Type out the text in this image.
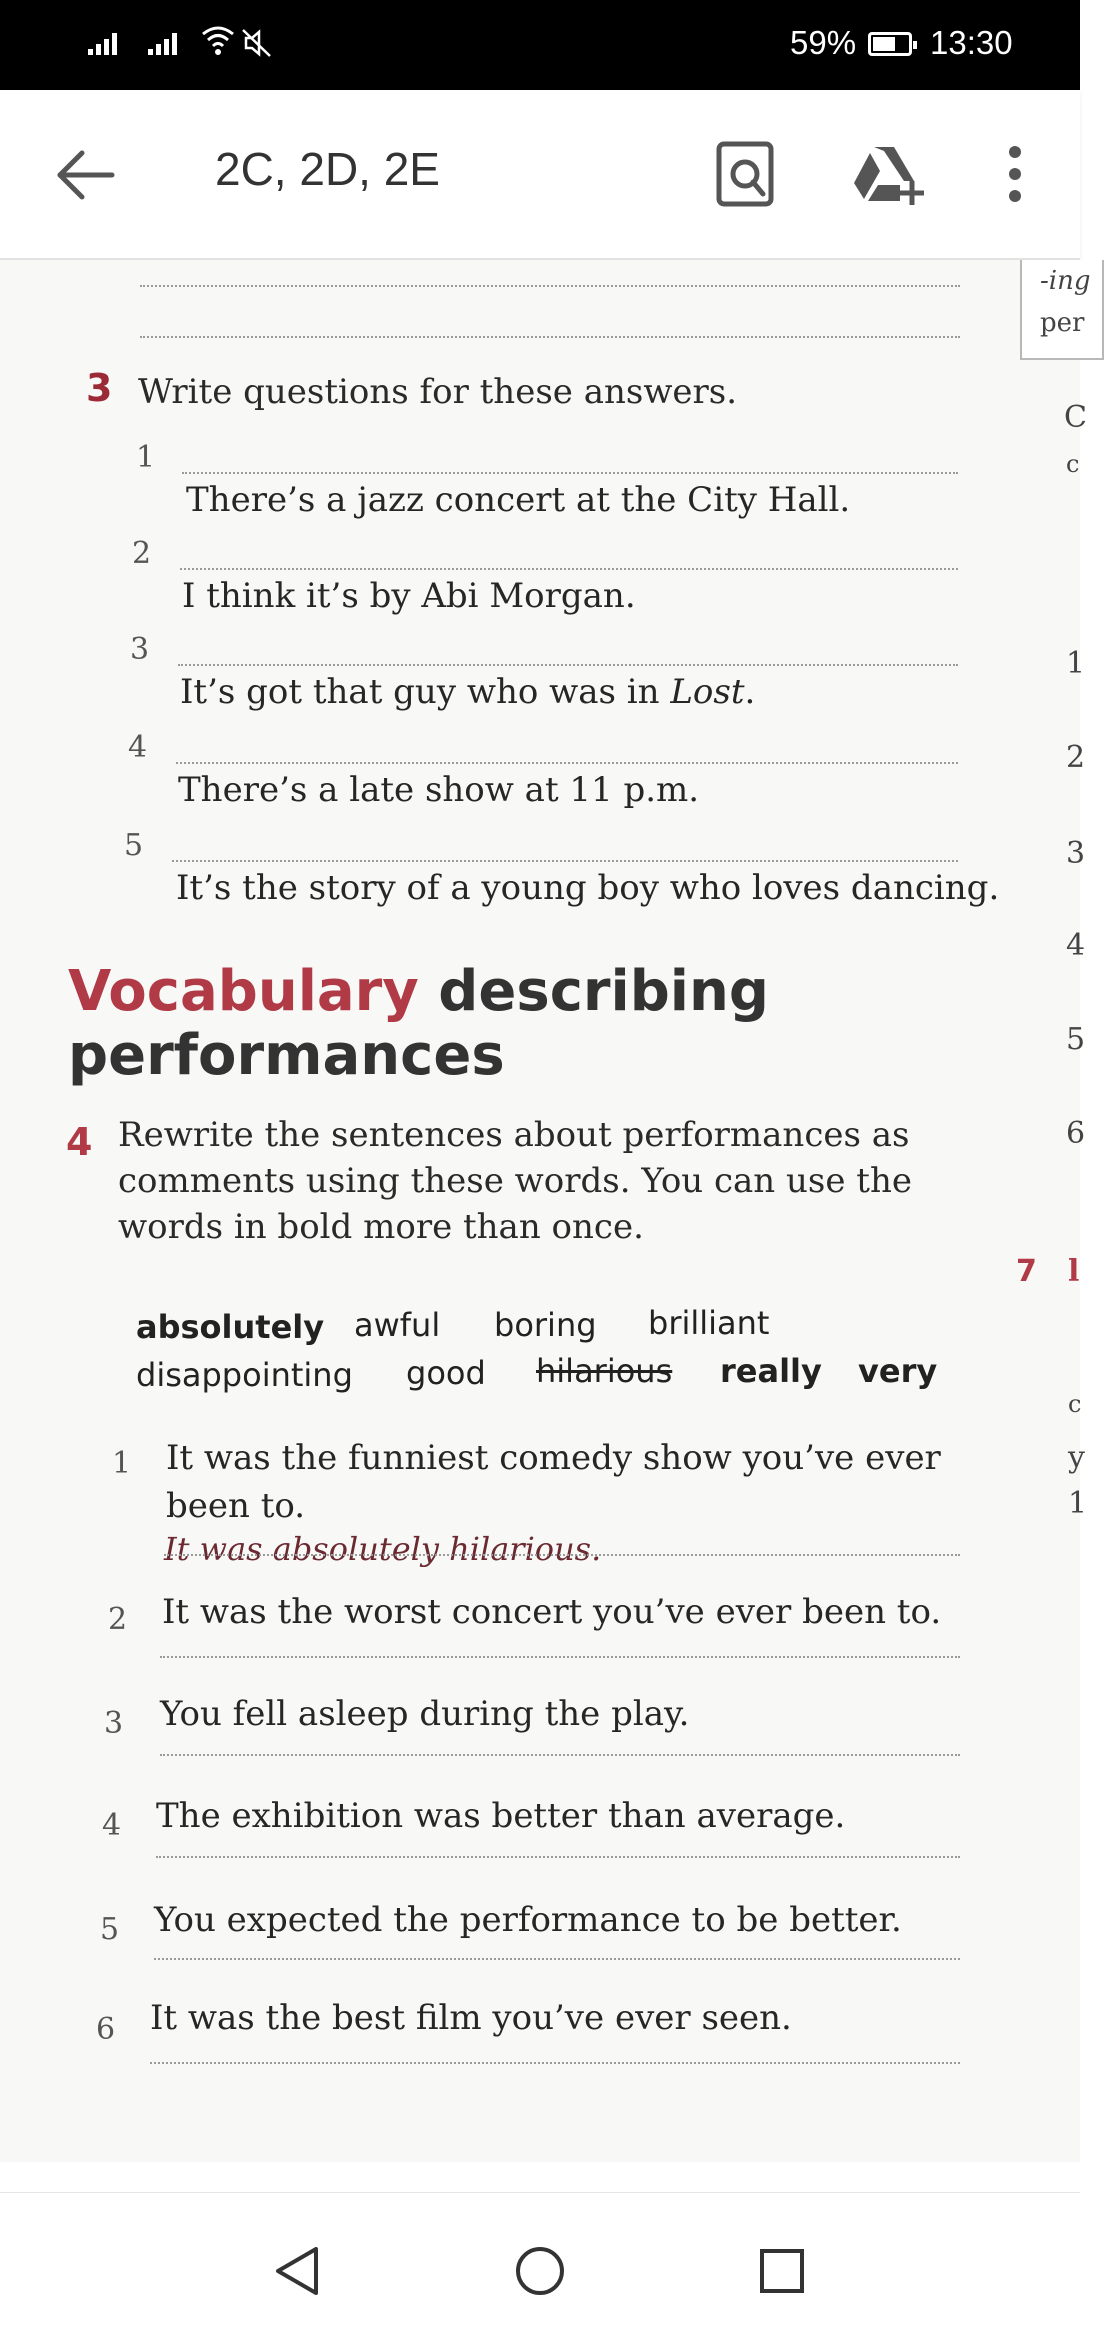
59% 13:30
2C, 2D, 2E
3 Write questions for these answers.
1
There’s a jazz concert at the City Hall.
2
I think it’s by Abi Morgan.
3
It’s got that guy who was in Lost.
4
There’s a late show at 11 p.m.
5
It’s the story of a young boy who loves dancing.
Vocabulary describing
performances
4 Rewrite the sentences about performances as comments using these words. You can use the words in bold more than once.
absolutely awful boring brilliant
disappointing good hilarious really very
1 It was the funniest comedy show you’ve ever
been to.
It was absolutely hilarious.
2 It was the worst concert you’ve ever been to.
3 You fell asleep during the play.
4 The exhibition was better than average.
5 You expected the performance to be better.
6 It was the best film you’ve ever seen.
-ing
per
C
c
1
2
3
4
5
6
7 l
c
y
1
